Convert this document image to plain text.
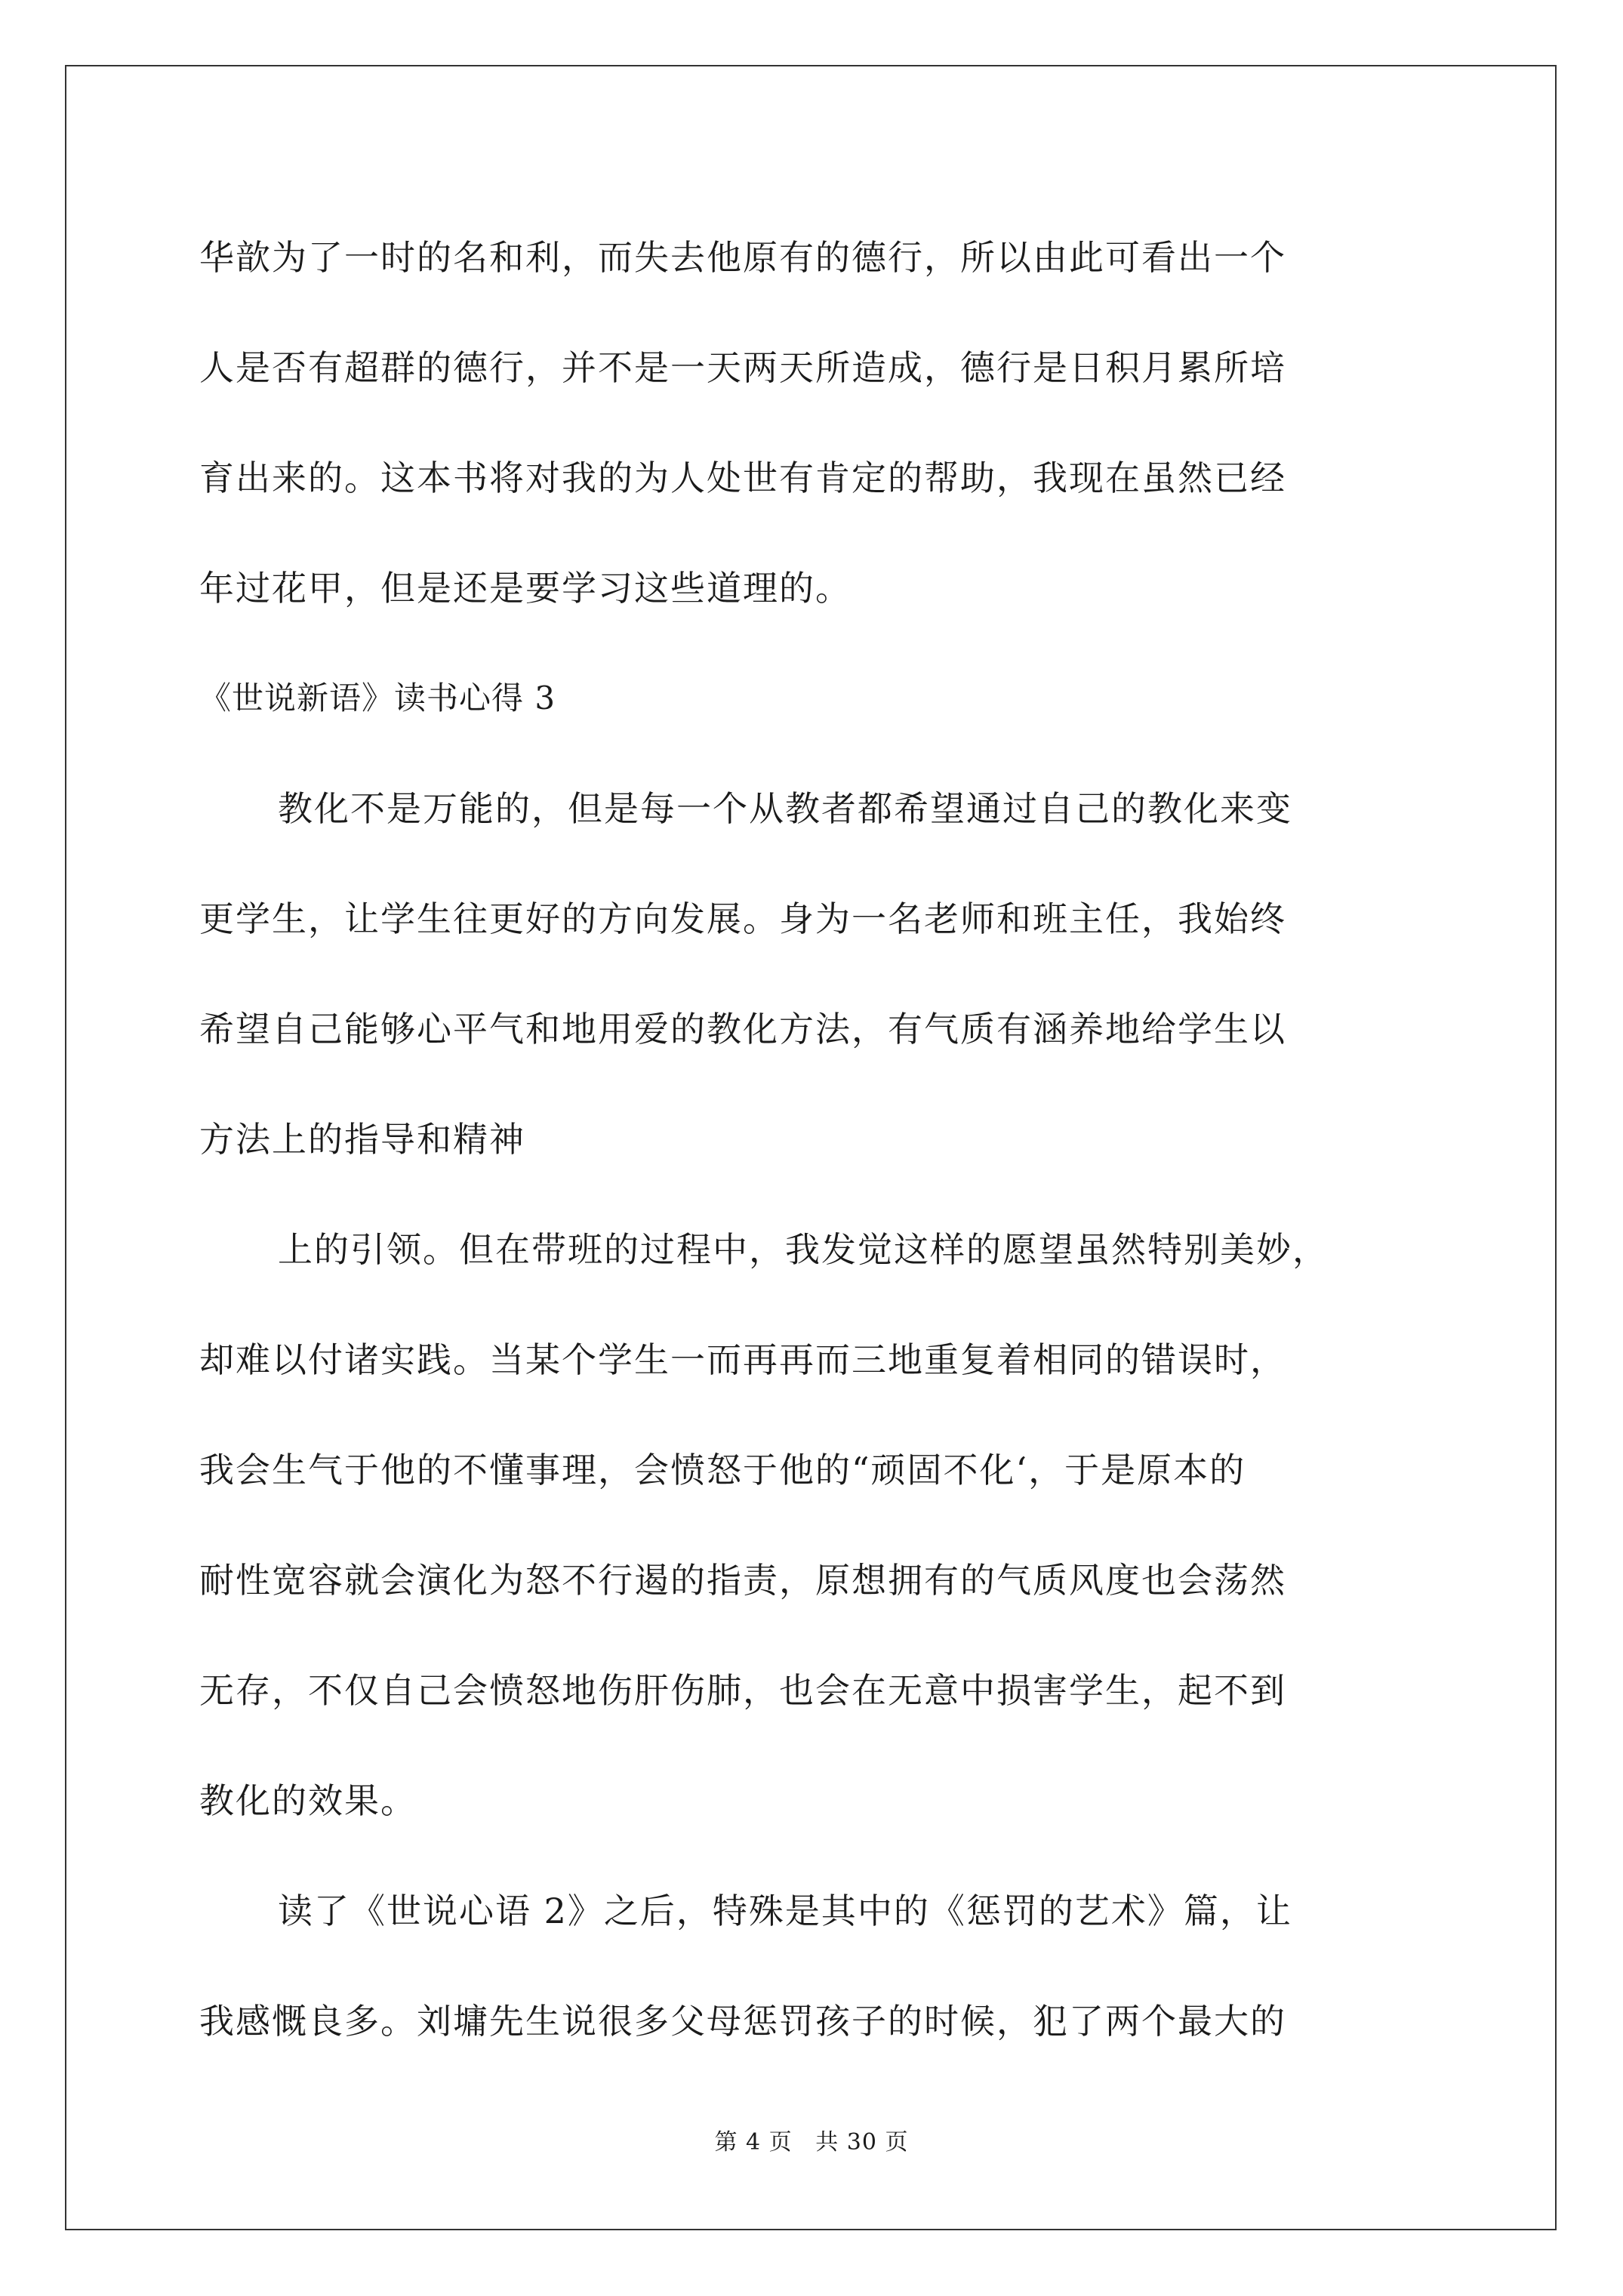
华歆为了一时的名和利，而失去他原有的德行，所以由此可看出一个
人是否有超群的德行，并不是一天两天所造成，德行是日积月累所培
育出来的。这本书将对我的为人处世有肯定的帮助，我现在虽然已经
年过花甲，但是还是要学习这些道理的。
《世说新语》读书心得 3
教化不是万能的，但是每一个从教者都希望通过自己的教化来变
更学生，让学生往更好的方向发展。身为一名老师和班主任，我始终
希望自己能够心平气和地用爱的教化方法，有气质有涵养地给学生以
方法上的指导和精神
上的引领。但在带班的过程中，我发觉这样的愿望虽然特别美妙，
却难以付诸实践。当某个学生一而再再而三地重复着相同的错误时，
我会生气于他的不懂事理，会愤怒于他的“顽固不化‘，于是原本的
耐性宽容就会演化为怒不行遏的指责，原想拥有的气质风度也会荡然
无存，不仅自己会愤怒地伤肝伤肺，也会在无意中损害学生，起不到
教化的效果。
读了《世说心语 2》之后，特殊是其中的《惩罚的艺术》篇，让
我感慨良多。刘墉先生说很多父母惩罚孩子的时候，犯了两个最大的
第 4 页 共 30 页
